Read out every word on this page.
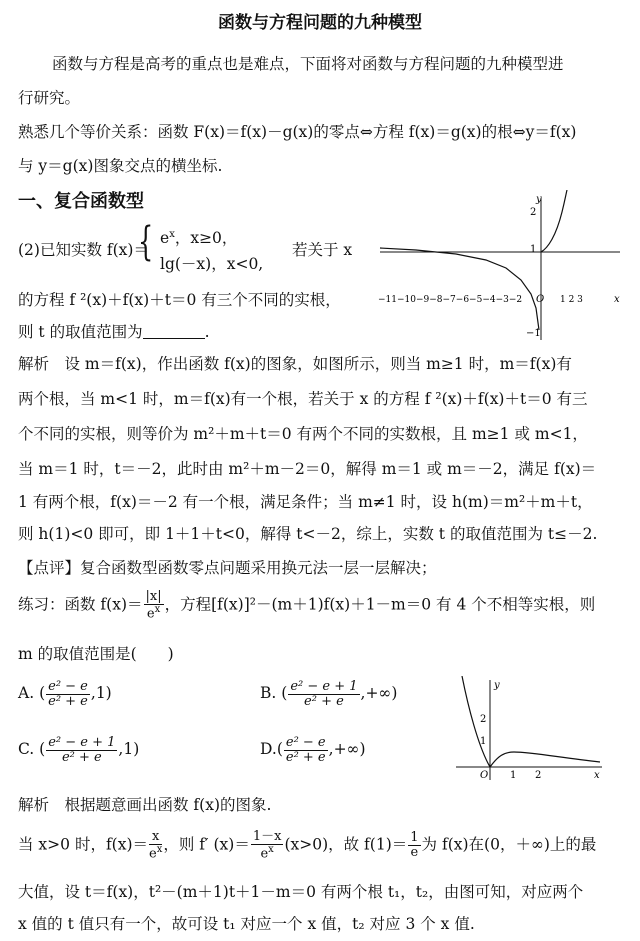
函数与方程问题的九种模型
函数与方程是高考的重点也是难点，下面将对函数与方程问题的九种模型进
行研究。
熟悉几个等价关系：函数 F(x)＝f(x)－g(x)的零点⇔方程 f(x)＝g(x)的根⇔y＝f(x)
与 y＝g(x)图象交点的横坐标.
一、复合函数型
(2)已知实数 f(x)＝
{ $e^x$，x≥0，
lg(－x)，x<0,
若关于 x
的方程 f ²(x)＋f(x)＋t＝0 有三个不同的实根，
则 t 的取值范围为	.
y
x
2
1
−1
O
−11−10−9−8−7−6−5−4−3−2	1 2 3
解析　设 m＝f(x)，作出函数 f(x)的图象，如图所示，则当 m≥1 时，m＝f(x)有
两个根，当 m<1 时，m＝f(x)有一个根，若关于 x 的方程 f ²(x)＋f(x)＋t＝0 有三
个不同的实根，则等价为 m²＋m＋t＝0 有两个不同的实数根，且 m≥1 或 m<1，
当 m＝1 时，t＝－2，此时由 m²＋m－2＝0，解得 m＝1 或 m＝－2，满足 f(x)＝
1 有两个根，f(x)＝－2 有一个根，满足条件；当 m≠1 时，设 h(m)＝m²＋m＋t，
则 h(1)<0 即可，即 1＋1＋t<0，解得 t<－2，综上，实数 t 的取值范围为 t≤－2.
【点评】复合函数型函数零点问题采用换元法一层一层解决；
练习：函数 $f(x)= \frac{|x|}{e^x}$ ，方程[f(x)]²－(m＋1)f(x)＋1－m＝0 有 4 个不相等实根，则
m 的取值范围是(　　)
A. ( $\frac{\text{e² − e}}{\text{e² + e}} ,1$)	B. ( $\frac{\text{e² − e + 1}}{\text{e² + e}}$ ,+∞)
C. ( $\frac{\text{e² − e + 1}}{\text{e² + e}} ,1$)	$D.( \frac{\text{e² − e}}{\text{e² + e}}$ ,+∞)
y
x
2
1
O 1 2
解析　根据题意画出函数 f(x)的图象.
当 x>0 时，$f(x)= \frac{x}{e^x}$ ，则 f′ $(x)= \frac{1-x}{e^x} (x>0)$，故 $f(1)= \frac{1}{e}$ 为 f(x)在(0，＋∞)上的最
大值，设 t＝f(x)，t²－(m＋1)t＋1－m＝0 有两个根 t₁，t₂，由图可知，对应两个
x 值的 t 值只有一个，故可设 t₁ 对应一个 x 值，t₂ 对应 3 个 x 值.
